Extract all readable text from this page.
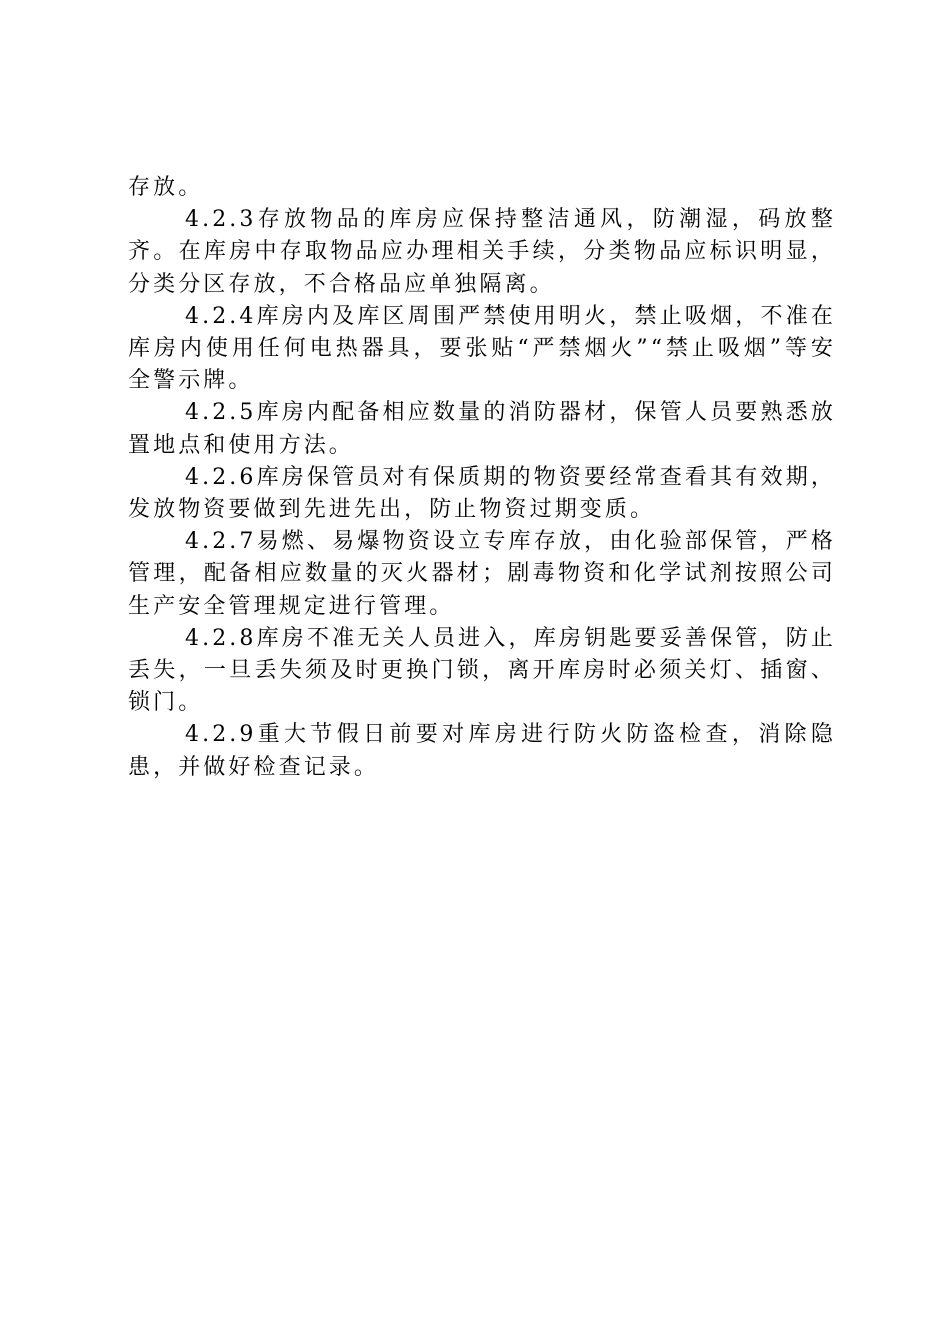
存放。

4.2.3存放物品的库房应保持整洁通风，防潮湿，码放整齐。在库房中存取物品应办理相关手续，分类物品应标识明显，分类分区存放，不合格品应单独隔离。

4.2.4库房内及库区周围严禁使用明火，禁止吸烟，不准在库房内使用任何电热器具，要张贴“严禁烟火”“禁止吸烟”等安全警示牌。

4.2.5库房内配备相应数量的消防器材，保管人员要熟悉放置地点和使用方法。

4.2.6库房保管员对有保质期的物资要经常查看其有效期，发放物资要做到先进先出，防止物资过期变质。

4.2.7易燃、易爆物资设立专库存放，由化验部保管，严格管理，配备相应数量的灭火器材；剧毒物资和化学试剂按照公司生产安全管理规定进行管理。

4.2.8库房不准无关人员进入，库房钥匙要妥善保管，防止丢失，一旦丢失须及时更换门锁，离开库房时必须关灯、插窗、锁门。

4.2.9重大节假日前要对库房进行防火防盗检查，消除隐患，并做好检查记录。
